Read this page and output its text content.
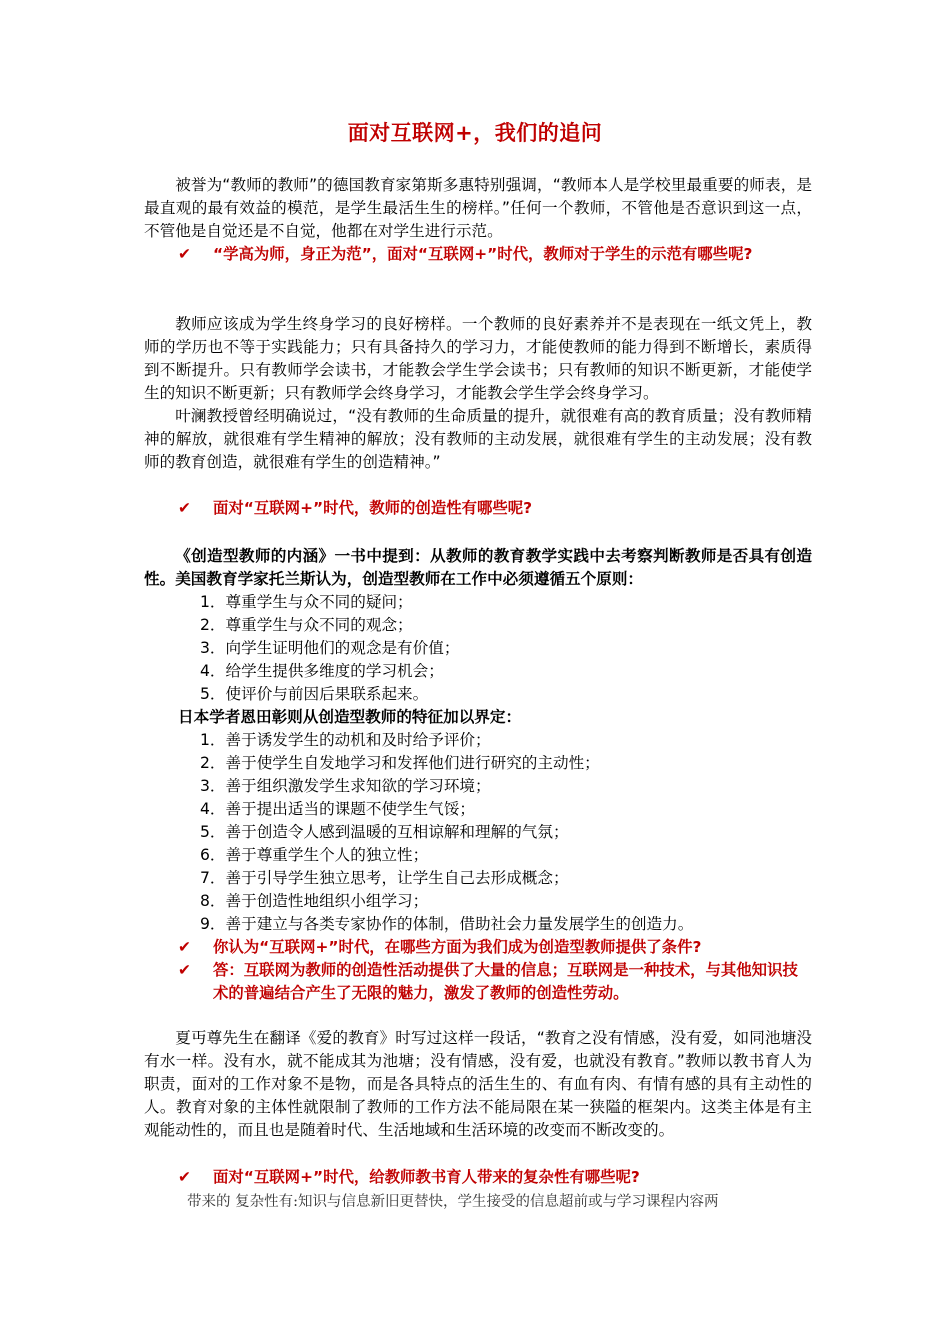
面对互联网+，我们的追问

被誉为“教师的教师”的德国教育家第斯多惠特别强调，“教师本人是学校里最重要的师表，是最直观的最有效益的模范，是学生最活生生的榜样。”任何一个教师，不管他是否意识到这一点，不管他是自觉还是不自觉，他都在对学生进行示范。

✔	“学高为师，身正为范”，面对“互联网+”时代，教师对于学生的示范有哪些呢?

教师应该成为学生终身学习的良好榜样。一个教师的良好素养并不是表现在一纸文凭上，教师的学历也不等于实践能力；只有具备持久的学习力，才能使教师的能力得到不断增长，素质得到不断提升。只有教师学会读书，才能教会学生学会读书；只有教师的知识不断更新，才能使学生的知识不断更新；只有教师学会终身学习，才能教会学生学会终身学习。

叶澜教授曾经明确说过，“没有教师的生命质量的提升，就很难有高的教育质量；没有教师精神的解放，就很难有学生精神的解放；没有教师的主动发展，就很难有学生的主动发展；没有教师的教育创造，就很难有学生的创造精神。”

✔	面对“互联网+”时代，教师的创造性有哪些呢?

《创造型教师的内涵》一书中提到：从教师的教育教学实践中去考察判断教师是否具有创造性。美国教育学家托兰斯认为，创造型教师在工作中必须遵循五个原则：

1．尊重学生与众不同的疑问；
2．尊重学生与众不同的观念；
3．向学生证明他们的观念是有价值；
4．给学生提供多维度的学习机会；
5．使评价与前因后果联系起来。
日本学者恩田彰则从创造型教师的特征加以界定：
1．善于诱发学生的动机和及时给予评价；
2．善于使学生自发地学习和发挥他们进行研究的主动性；
3．善于组织激发学生求知欲的学习环境；
4．善于提出适当的课题不使学生气馁；
5．善于创造令人感到温暖的互相谅解和理解的气氛；
6．善于尊重学生个人的独立性；
7．善于引导学生独立思考，让学生自己去形成概念；
8．善于创造性地组织小组学习；
9．善于建立与各类专家协作的体制，借助社会力量发展学生的创造力。
✔	你认为“互联网+”时代，在哪些方面为我们成为创造型教师提供了条件?
✔	答：互联网为教师的创造性活动提供了大量的信息；互联网是一种技术，与其他知识技术的普遍结合产生了无限的魅力，激发了教师的创造性劳动。

夏丏尊先生在翻译《爱的教育》时写过这样一段话，“教育之没有情感，没有爱，如同池塘没有水一样。没有水，就不能成其为池塘；没有情感，没有爱，也就没有教育。”教师以教书育人为职责，面对的工作对象不是物，而是各具特点的活生生的、有血有肉、有情有感的具有主动性的人。教育对象的主体性就限制了教师的工作方法不能局限在某一狭隘的框架内。这类主体是有主观能动性的，而且也是随着时代、生活地域和生活环境的改变而不断改变的。

✔	面对“互联网+”时代，给教师教书育人带来的复杂性有哪些呢?
带来的 复杂性有:知识与信息新旧更替快，学生接受的信息超前或与学习课程内容两
